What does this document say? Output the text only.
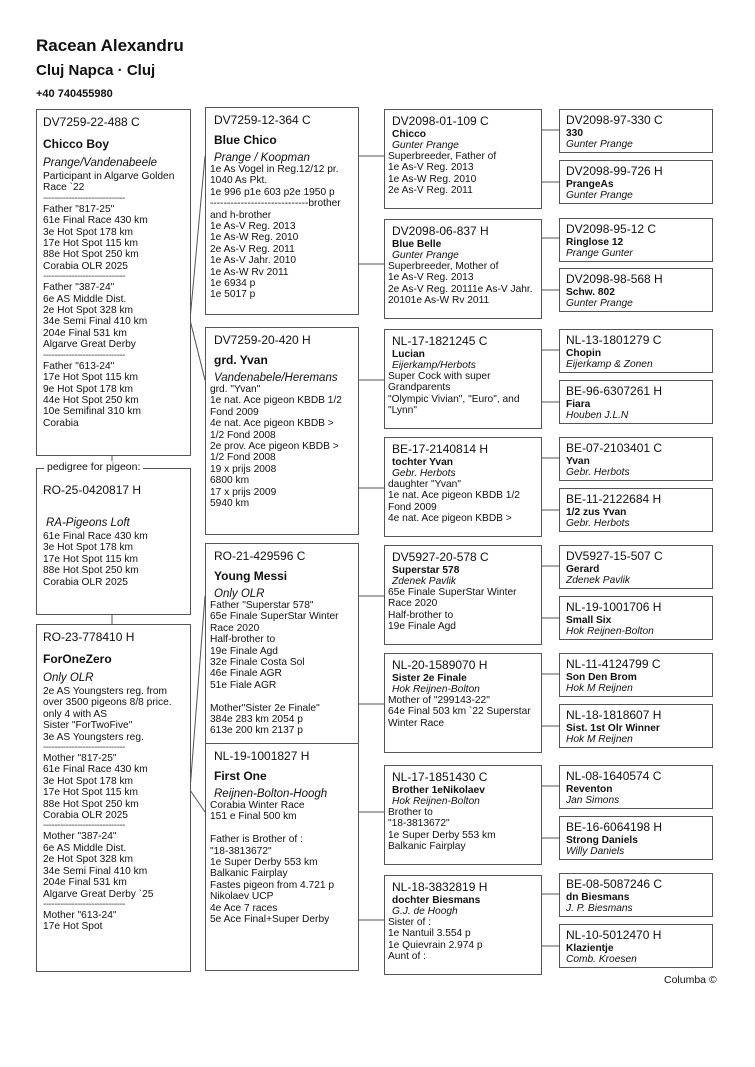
Racean Alexandru
Cluj Napca · Cluj
+40 740455980
DV7259-22-488 C
Chicco Boy
Prange/Vandenabeele
Participant in Algarve Golden
Race `22
-----------------------------
Father "817-25"
61e Final Race 430 km
3e Hot Spot 178 km
17e Hot Spot 115 km
88e Hot Spot 250 km
Corabia OLR 2025
-----------------------------
Father "387-24"
6e AS Middle Dist.
2e Hot Spot 328 km
34e Semi Final 410 km
204e Final 531 km
Algarve Great Derby
-----------------------------
Father "613-24"
17e Hot Spot 115 km
9e Hot Spot 178 km
44e Hot Spot 250 km
10e Semifinal 310 km
Corabia
RO-25-0420817 H
RA-Pigeons Loft
61e Final Race 430 km
3e Hot Spot 178 km
17e Hot Spot 115 km
88e Hot Spot 250 km
Corabia OLR 2025
pedigree for pigeon:
RO-23-778410 H
ForOneZero
Only OLR
2e AS Youngsters reg. from
over 3500 pigeons 8/8 price.
only 4 with AS
Sister "ForTwoFive"
3e AS Youngsters reg.
-----------------------------
Mother "817-25"
61e Final Race 430 km
3e Hot Spot 178 km
17e Hot Spot 115 km
88e Hot Spot 250 km
Corabia OLR 2025
-----------------------------
Mother "387-24"
6e AS Middle Dist.
2e Hot Spot 328 km
34e Semi Final 410 km
204e Final 531 km
Algarve Great Derby `25
-----------------------------
Mother "613-24"
17e Hot Spot
Columba ©
DV7259-12-364 C
Blue Chico
Prange / Koopman
1e As Vogel in Reg.12/12 pr.
1040 As Pkt.
1e 996 p1e 603 p2e 1950 p
-----------------------------brother
and h-brother
1e As-V Reg. 2013
1e As-W Reg. 2010
2e As-V Reg. 2011
1e As-V Jahr. 2010
1e As-W Rv 2011
1e 6934 p
1e 5017 p
DV7259-20-420 H
grd. Yvan
Vandenabele/Heremans
grd. "Yvan"
1e nat. Ace pigeon KBDB 1/2
Fond 2009
4e nat. Ace pigeon KBDB >
1/2 Fond 2008
2e prov. Ace pigeon KBDB >
1/2 Fond 2008
19 x prijs 2008
6800 km
17 x prijs 2009
5940 km
RO-21-429596 C
Young Messi
Only OLR
Father "Superstar 578"
65e Finale SuperStar Winter
Race 2020
Half-brother to
19e Finale Agd
32e Finale Costa Sol
46e Finale AGR
51e Fiale AGR

Mother"Sister 2e Finale"
384e 283 km 2054 p
613e 200 km 2137 p
NL-19-1001827 H
First One
Reijnen-Bolton-Hoogh
Corabia Winter Race
151 e Final 500 km

Father is Brother of :
"18-3813672"
1e Super Derby 553 km
Balkanic Fairplay
Fastes pigeon from 4.721 p
Nikolaev UCP
4e Ace 7 races
5e Ace Final+Super Derby
DV2098-01-109 C
Chicco
Gunter Prange
Superbreeder, Father of
1e As-V Reg. 2013
1e As-W Reg. 2010
2e As-V Reg. 2011
DV2098-06-837 H
Blue Belle
Gunter Prange
Superbreeder, Mother of
1e As-V Reg. 2013
2e As-V Reg. 20111e As-V Jahr.
20101e As-W Rv 2011
NL-17-1821245 C
Lucian
Eijerkamp/Herbots
Super Cock with super
Grandparents
"Olympic Vivian", "Euro", and
"Lynn"
BE-17-2140814 H
tochter Yvan
Gebr. Herbots
daughter "Yvan"
1e nat. Ace pigeon KBDB 1/2
Fond 2009
4e nat. Ace pigeon KBDB >
DV5927-20-578 C
Superstar 578
Zdenek Pavlik
65e Finale SuperStar Winter
Race 2020
Half-brother to
19e Finale Agd
NL-20-1589070 H
Sister 2e Finale
Hok Reijnen-Bolton
Mother of "299143-22"
64e Final 503 km `22 Superstar
Winter Race
NL-17-1851430 C
Brother 1eNikolaev
Hok Reijnen-Bolton
Brother to
"18-3813672"
1e Super Derby 553 km
Balkanic Fairplay
NL-18-3832819 H
dochter Biesmans
G.J. de Hoogh
Sister of :
1e Nantuil 3.554 p
1e Quievrain 2.974 p
Aunt of :
DV2098-97-330 C
330
Gunter Prange
DV2098-99-726 H
PrangeAs
Gunter Prange
DV2098-95-12 C
Ringlose 12
Prange Gunter
DV2098-98-568 H
Schw. 802
Gunter Prange
NL-13-1801279 C
Chopin
Eijerkamp & Zonen
BE-96-6307261 H
Fiara
Houben J.L.N
BE-07-2103401 C
Yvan
Gebr. Herbots
BE-11-2122684 H
1/2 zus Yvan
Gebr. Herbots
DV5927-15-507 C
Gerard
Zdenek Pavlik
NL-19-1001706 H
Small Six
Hok Reijnen-Bolton
NL-11-4124799 C
Son Den Brom
Hok M Reijnen
NL-18-1818607 H
Sist. 1st Olr Winner
Hok M Reijnen
NL-08-1640574 C
Reventon
Jan Simons
BE-16-6064198 H
Strong Daniels
Willy Daniels
BE-08-5087246 C
dn Biesmans
J. P. Biesmans
NL-10-5012470 H
Klazientje
Comb. Kroesen
